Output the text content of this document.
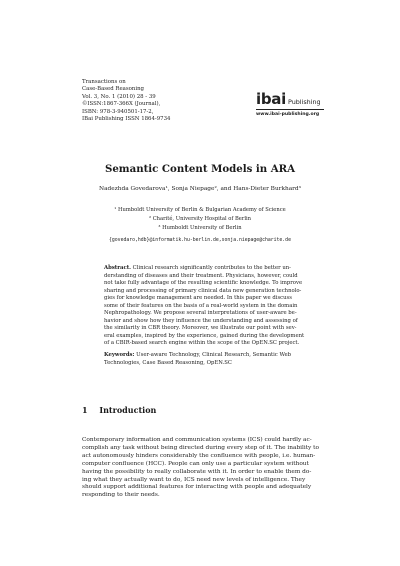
Transactions on
Case-Based Reasoning
Vol. 3, No. 1 (2010) 28 - 39
©ISSN:1867-366X (Journal),
ISBN: 978-3-940501-17-2,
IBai Publishing ISSN 1864-9734
ibai Publishing
www.ibai-publishing.org
Semantic Content Models in ARA
Nadezhda Govedarova¹, Sonja Niepage², and Hans-Dieter Burkhard³
¹ Humboldt University of Berlin & Bulgarian Academy of Science
² Charité, University Hospital of Berlin
³ Humboldt University of Berlin
{govedaro,hdb}@informatik.hu-berlin.de,sonja.niepage@charite.de
Abstract. Clinical research significantly contributes to the better un-
derstanding of diseases and their treatment. Physicians, however, could
not take fully advantage of the resulting scientific knowledge. To improve
sharing and processing of primary clinical data new generation technolo-
gies for knowledge management are needed. In this paper we discuss
some of their features on the basis of a real-world system in the domain
Nephropathology. We propose several interpretations of user-aware be-
havior and show how they influence the understanding and assessing of
the similarity in CBR theory. Moreover, we illustrate our point with sev-
eral examples, inspired by the experience, gained during the development
of a CBIR-based search engine within the scope of the OpEN.SC project.
Keywords: User-aware Technology, Clinical Research, Semantic Web
Technologies, Case Based Reasoning, OpEN.SC
1 Introduction
Contemporary information and communication systems (ICS) could hardly ac-
complish any task without being directed during every step of it. The inability to
act autonomously hinders considerably the confluence with people, i.e. human-
computer confluence (HCC). People can only use a particular system without
having the possibility to really collaborate with it. In order to enable them do-
ing what they actually want to do, ICS need new levels of intelligence. They
should support additional features for interacting with people and adequately
responding to their needs.
